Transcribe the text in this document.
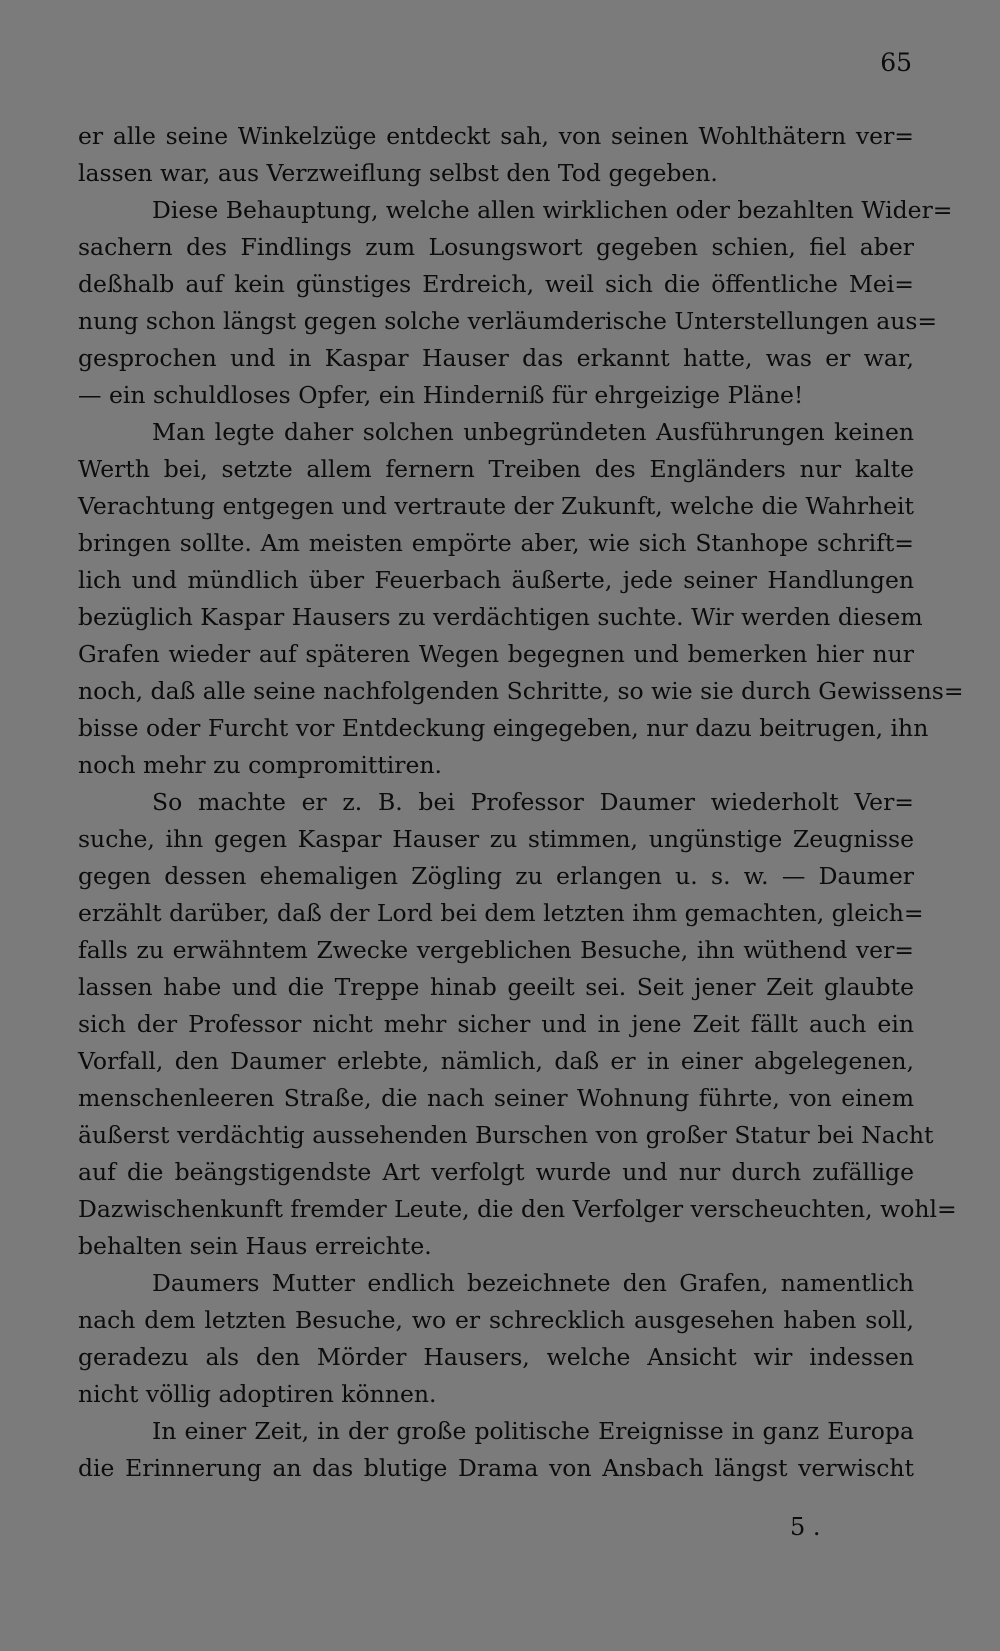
65
er alle seine Winkelzüge entdeckt sah, von seinen Wohlthätern ver=
lassen war, aus Verzweiflung selbst den Tod gegeben.
Diese Behauptung, welche allen wirklichen oder bezahlten Wider=
sachern des Findlings zum Losungswort gegeben schien, fiel aber
deßhalb auf kein günstiges Erdreich, weil sich die öffentliche Mei=
nung schon längst gegen solche verläumderische Unterstellungen aus=
gesprochen und in Kaspar Hauser das erkannt hatte, was er war,
— ein schuldloses Opfer, ein Hinderniß für ehrgeizige Pläne!
Man legte daher solchen unbegründeten Ausführungen keinen
Werth bei, setzte allem fernern Treiben des Engländers nur kalte
Verachtung entgegen und vertraute der Zukunft, welche die Wahrheit
bringen sollte. Am meisten empörte aber, wie sich Stanhope schrift=
lich und mündlich über Feuerbach äußerte, jede seiner Handlungen
bezüglich Kaspar Hausers zu verdächtigen suchte. Wir werden diesem
Grafen wieder auf späteren Wegen begegnen und bemerken hier nur
noch, daß alle seine nachfolgenden Schritte, so wie sie durch Gewissens=
bisse oder Furcht vor Entdeckung eingegeben, nur dazu beitrugen, ihn
noch mehr zu compromittiren.
So machte er z. B. bei Professor Daumer wiederholt Ver=
suche, ihn gegen Kaspar Hauser zu stimmen, ungünstige Zeugnisse
gegen dessen ehemaligen Zögling zu erlangen u. s. w. — Daumer
erzählt darüber, daß der Lord bei dem letzten ihm gemachten, gleich=
falls zu erwähntem Zwecke vergeblichen Besuche, ihn wüthend ver=
lassen habe und die Treppe hinab geeilt sei. Seit jener Zeit glaubte
sich der Professor nicht mehr sicher und in jene Zeit fällt auch ein
Vorfall, den Daumer erlebte, nämlich, daß er in einer abgelegenen,
menschenleeren Straße, die nach seiner Wohnung führte, von einem
äußerst verdächtig aussehenden Burschen von großer Statur bei Nacht
auf die beängstigendste Art verfolgt wurde und nur durch zufällige
Dazwischenkunft fremder Leute, die den Verfolger verscheuchten, wohl=
behalten sein Haus erreichte.
Daumers Mutter endlich bezeichnete den Grafen, namentlich
nach dem letzten Besuche, wo er schrecklich ausgesehen haben soll,
geradezu als den Mörder Hausers, welche Ansicht wir indessen
nicht völlig adoptiren können.
In einer Zeit, in der große politische Ereignisse in ganz Europa
die Erinnerung an das blutige Drama von Ansbach längst verwischt
5 .
